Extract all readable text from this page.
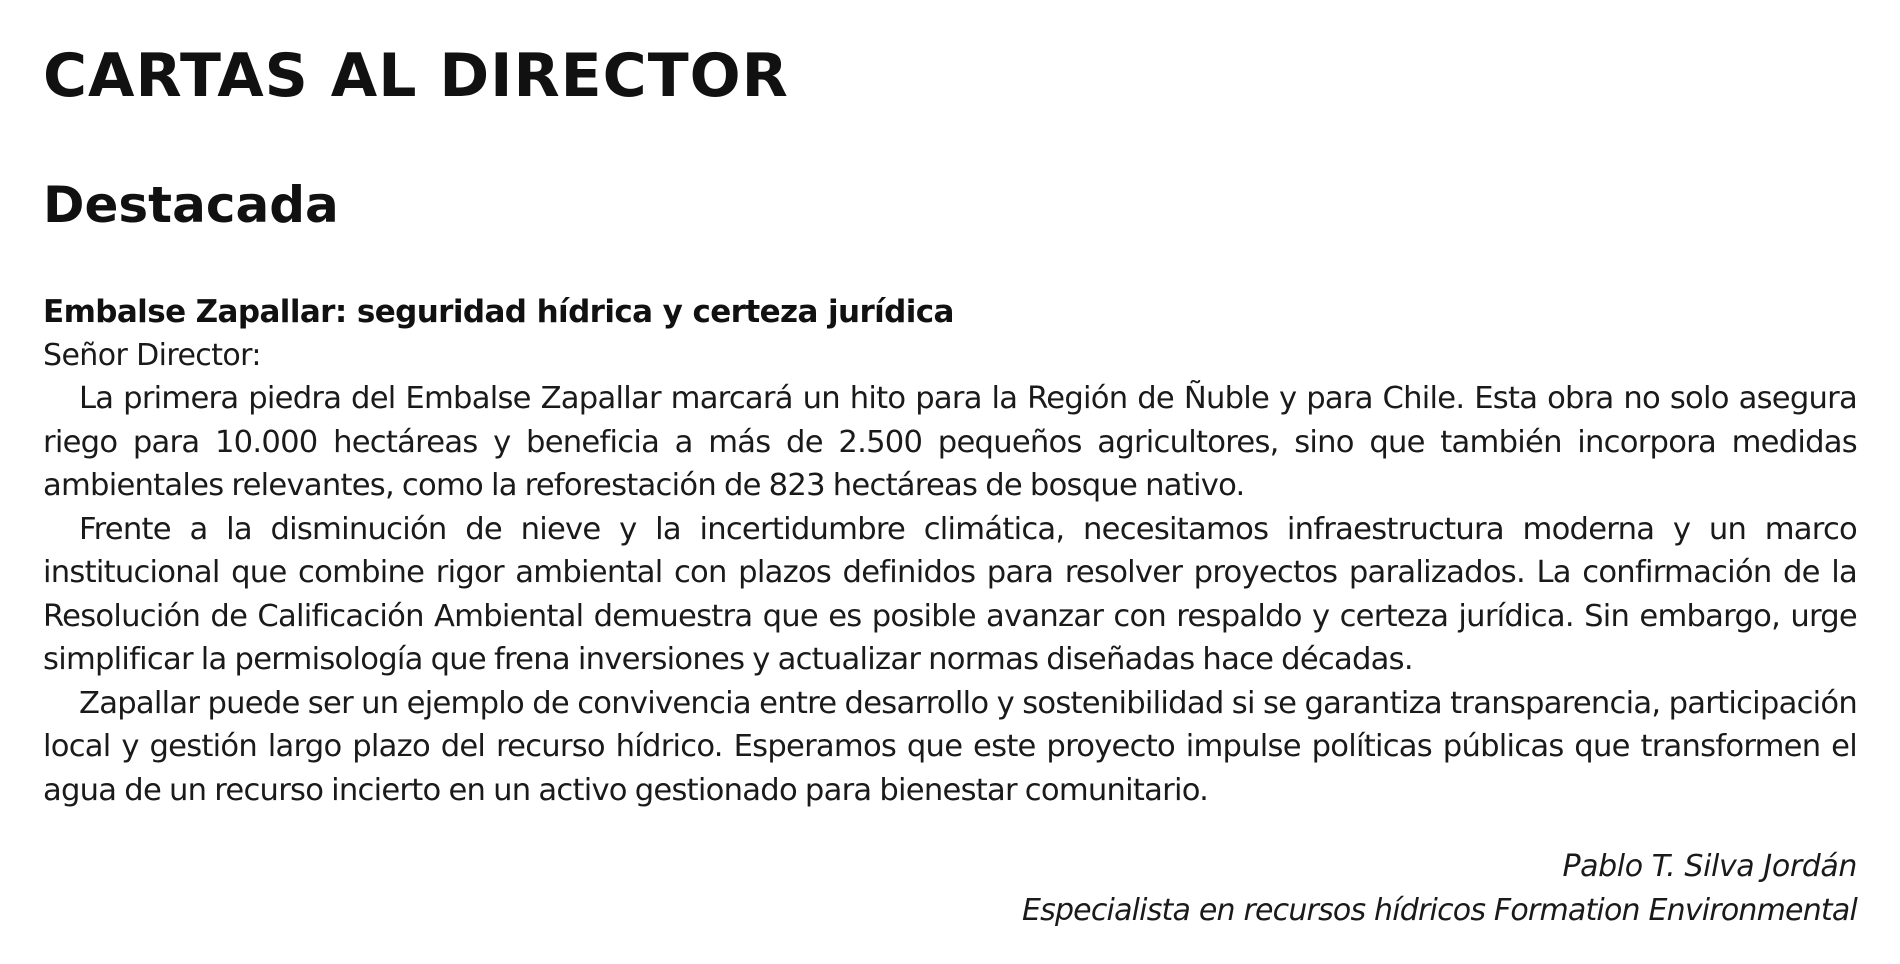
CARTAS AL DIRECTOR
Destacada
Embalse Zapallar: seguridad hídrica y certeza jurídica

Señor Director:

La primera piedra del Embalse Zapallar marcará un hito para la Región de Ñuble y para Chile. Esta obra no solo asegura riego para 10.000 hectáreas y beneficia a más de 2.500 pequeños agricultores, sino que también incorpora medidas ambientales relevantes, como la reforestación de 823 hectáreas de bosque nativo.

Frente a la disminución de nieve y la incertidumbre climática, necesitamos infraestructura moderna y un marco institucional que combine rigor ambiental con plazos definidos para resolver proyectos paralizados. La confirmación de la Resolución de Calificación Ambiental demuestra que es posible avanzar con respaldo y certeza jurídica. Sin embargo, urge simplificar la permisología que frena inversiones y actualizar normas diseñadas hace décadas.

Zapallar puede ser un ejemplo de convivencia entre desarrollo y sostenibilidad si se garantiza transparencia, participación local y gestión largo plazo del recurso hídrico. Esperamos que este proyecto impulse políticas públicas que transformen el agua de un recurso incierto en un activo gestionado para bienestar comunitario.

Pablo T. Silva Jordán
Especialista en recursos hídricos Formation Environmental
